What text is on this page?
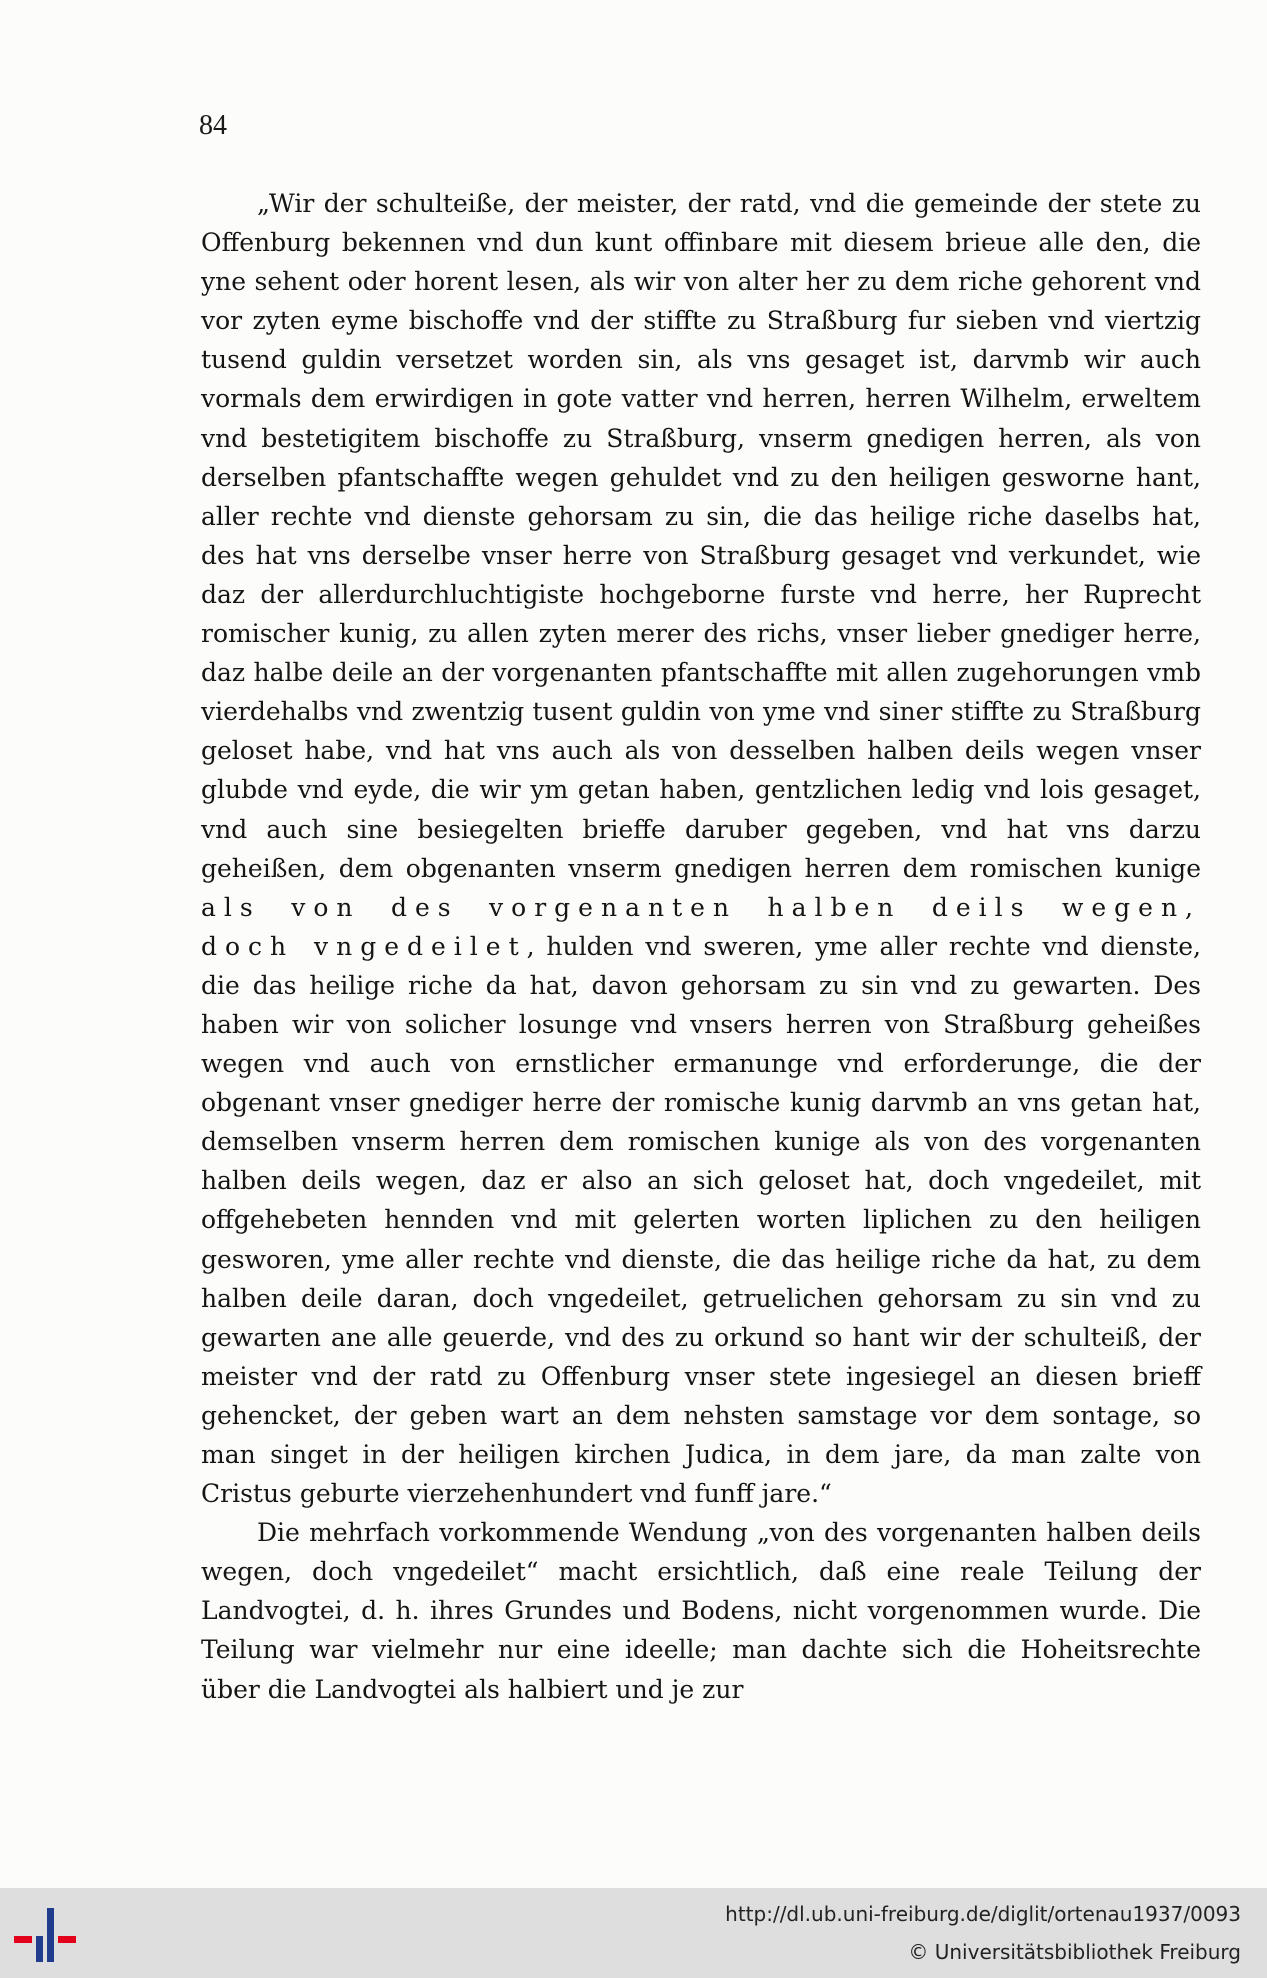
84

„Wir der schulteiße, der meister, der ratd, vnd die gemeinde der stete zu Offenburg bekennen vnd dun kunt offinbare mit diesem brieue alle den, die yne sehent oder horent lesen, als wir von alter her zu dem riche gehorent vnd vor zyten eyme bischoffe vnd der stiffte zu Straßburg fur sieben vnd viertzig tusend guldin versetzet worden sin, als vns gesaget ist, darvmb wir auch vormals dem erwirdigen in gote vatter vnd herren, herren Wilhelm, erweltem vnd bestetigitem bischoffe zu Straßburg, vnserm gnedigen herren, als von derselben pfantschaffte wegen gehuldet vnd zu den heiligen gesworne hant, aller rechte vnd dienste gehorsam zu sin, die das heilige riche daselbs hat, des hat vns derselbe vnser herre von Straßburg gesaget vnd verkundet, wie daz der allerdurchluchtigiste hochgeborne furste vnd herre, her Ruprecht romischer kunig, zu allen zyten merer des richs, vnser lieber gnediger herre, daz halbe deile an der vorgenanten pfantschaffte mit allen zugehorungen vmb vierdehalbs vnd zwentzig tusent guldin von yme vnd siner stiffte zu Straßburg geloset habe, vnd hat vns auch als von desselben halben deils wegen vnser glubde vnd eyde, die wir ym getan haben, gentzlichen ledig vnd lois gesaget, vnd auch sine besiegelten brieffe daruber gegeben, vnd hat vns darzu geheißen, dem obgenanten vnserm gnedigen herren dem romischen kunige als von des vorgenanten halben deils wegen, doch vngedeilet, hulden vnd sweren, yme aller rechte vnd dienste, die das heilige riche da hat, davon gehorsam zu sin vnd zu gewarten. Des haben wir von solicher losunge vnd vnsers herren von Straßburg geheißes wegen vnd auch von ernstlicher ermanunge vnd erforderunge, die der obgenant vnser gnediger herre der romische kunig darvmb an vns getan hat, demselben vnserm herren dem romischen kunige als von des vorgenanten halben deils wegen, daz er also an sich geloset hat, doch vngedeilet, mit offgehebeten hennden vnd mit gelerten worten liplichen zu den heiligen gesworen, yme aller rechte vnd dienste, die das heilige riche da hat, zu dem halben deile daran, doch vngedeilet, getruelichen gehorsam zu sin vnd zu gewarten ane alle geuerde, vnd des zu orkund so hant wir der schulteiß, der meister vnd der ratd zu Offenburg vnser stete ingesiegel an diesen brieff gehencket, der geben wart an dem nehsten samstage vor dem sontage, so man singet in der heiligen kirchen Judica, in dem jare, da man zalte von Cristus geburte vierzehenhundert vnd funff jare.“

Die mehrfach vorkommende Wendung „von des vorgenanten halben deils wegen, doch vngedeilet“ macht ersichtlich, daß eine reale Teilung der Landvogtei, d. h. ihres Grundes und Bodens, nicht vorgenommen wurde. Die Teilung war vielmehr nur eine ideelle; man dachte sich die Hoheitsrechte über die Landvogtei als halbiert und je zur

http://dl.ub.uni-freiburg.de/diglit/ortenau1937/0093
© Universitätsbibliothek Freiburg
